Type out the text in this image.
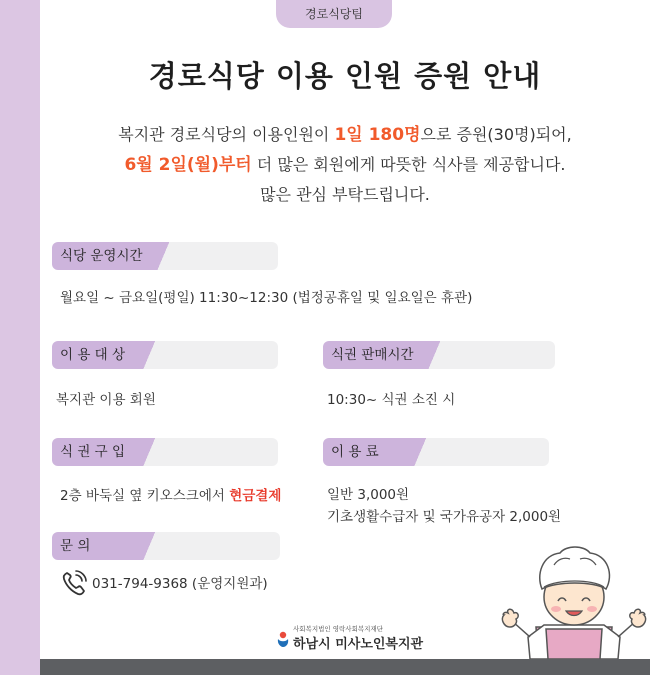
경로식당팀
경로식당 이용 인원 증원 안내
복지관 경로식당의 이용인원이 1일 180명으로 증원(30명)되어,
6월 2일(월)부터 더 많은 회원에게 따뜻한 식사를 제공합니다.
많은 관심 부탁드립니다.
식당 운영시간
월요일 ~ 금요일(평일) 11:30~12:30 (법정공휴일 및 일요일은 휴관)
이 용 대 상
복지관 이용 회원
식권 판매시간
10:30~ 식권 소진 시
식 권 구 입
2층 바둑실 옆 키오스크에서 현금결제
이 용 료
일반 3,000원
기초생활수급자 및 국가유공자 2,000원
문 의
031-794-9368 (운영지원과)
사회복지법인 영락사회복지재단
하남시 미사노인복지관
